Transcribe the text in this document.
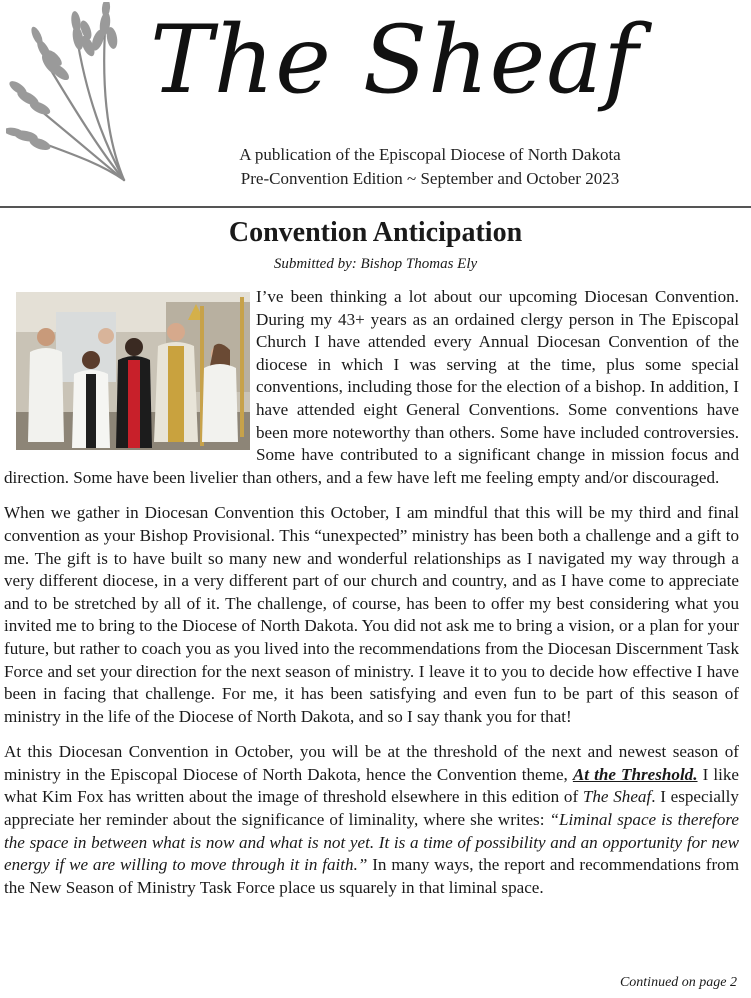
The Sheaf
A publication of the Episcopal Diocese of North Dakota
Pre-Convention Edition ~ September and October 2023
Convention Anticipation
Submitted by: Bishop Thomas Ely

I’ve been thinking a lot about our upcoming Diocesan Convention. During my 43+ years as an ordained clergy person in The Episcopal Church I have attended every Annual Diocesan Convention of the diocese in which I was serving at the time, plus some special conventions, including those for the election of a bishop. In addition, I have attended eight General Conventions. Some conventions have been more noteworthy than others. Some have included controversies. Some have contributed to a significant change in mission focus and direction. Some have been livelier than others, and a few have left me feeling empty and/or discouraged.

When we gather in Diocesan Convention this October, I am mindful that this will be my third and final convention as your Bishop Provisional. This “unexpected” ministry has been both a challenge and a gift to me. The gift is to have built so many new and wonderful relationships as I navigated my way through a very different diocese, in a very different part of our church and country, and as I have come to appreciate and to be stretched by all of it. The challenge, of course, has been to offer my best considering what you invited me to bring to the Diocese of North Dakota. You did not ask me to bring a vision, or a plan for your future, but rather to coach you as you lived into the recommendations from the Diocesan Discernment Task Force and set your direction for the next season of ministry. I leave it to you to decide how effective I have been in facing that challenge. For me, it has been satisfying and even fun to be part of this season of ministry in the life of the Diocese of North Dakota, and so I say thank you for that!

At this Diocesan Convention in October, you will be at the threshold of the next and newest season of ministry in the Episcopal Diocese of North Dakota, hence the Convention theme, At the Threshold. I like what Kim Fox has written about the image of threshold elsewhere in this edition of The Sheaf. I especially appreciate her reminder about the significance of liminality, where she writes: “Liminal space is therefore the space in between what is now and what is not yet. It is a time of possibility and an opportunity for new energy if we are willing to move through it in faith.” In many ways, the report and recommendations from the New Season of Ministry Task Force place us squarely in that liminal space.

Continued on page 2
